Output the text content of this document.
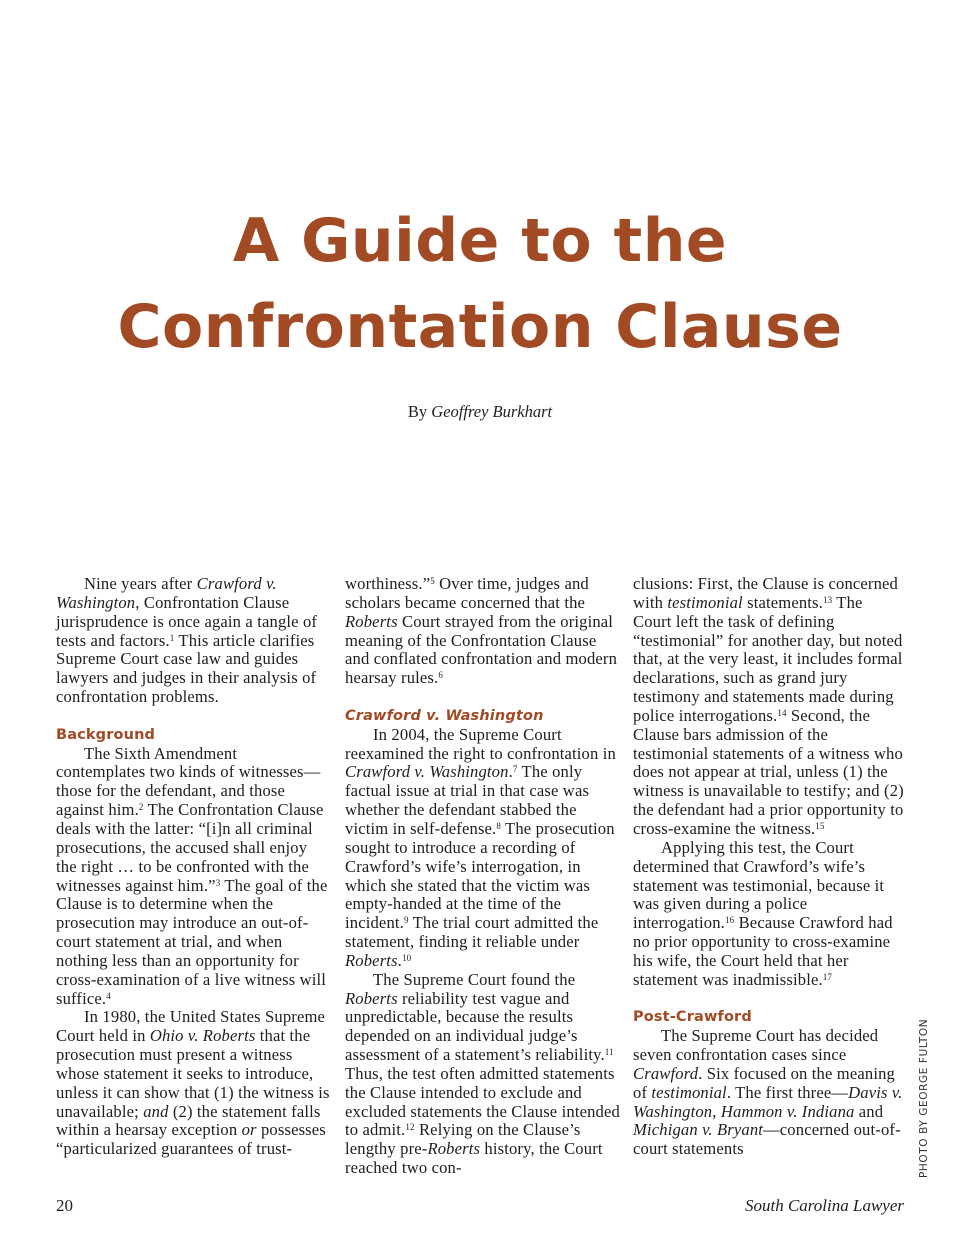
A Guide to the
Confrontation Clause
By Geoffrey Burkhart

Nine years after Crawford v. Washington, Confrontation Clause jurisprudence is once again a tangle of tests and factors.$^1$ This article clarifies Supreme Court case law and guides lawyers and judges in their analysis of confrontation problems.

Background

The Sixth Amendment contemplates two kinds of witnesses—those for the defendant, and those against him.$^2$ The Confrontation Clause deals with the latter: “[i]n all criminal prosecutions, the accused shall enjoy the right … to be confronted with the witnesses against him.”$^3$ The goal of the Clause is to determine when the prosecution may introduce an out-of-court statement at trial, and when nothing less than an opportunity for cross-examination of a live witness will suffice.$^4$

In 1980, the United States Supreme Court held in Ohio v. Roberts that the prosecution must present a witness whose statement it seeks to introduce, unless it can show that (1) the witness is unavailable; and (2) the statement falls within a hearsay exception or possesses “particularized guarantees of trust-

worthiness.”$^5$ Over time, judges and scholars became concerned that the Roberts Court strayed from the original meaning of the Confrontation Clause and conflated confrontation and modern hearsay rules.$^6$

Crawford v. Washington

In 2004, the Supreme Court reexamined the right to confrontation in Crawford v. Washington.$^7$ The only factual issue at trial in that case was whether the defendant stabbed the victim in self-defense.$^8$ The prosecution sought to introduce a recording of Crawford’s wife’s interrogation, in which she stated that the victim was empty-handed at the time of the incident.$^9$ The trial court admitted the statement, finding it reliable under Roberts.$^{10}$

The Supreme Court found the Roberts reliability test vague and unpredictable, because the results depended on an individual judge’s assessment of a statement’s reliability.$^{11}$ Thus, the test often admitted statements the Clause intended to exclude and excluded statements the Clause intended to admit.$^{12}$ Relying on the Clause’s lengthy pre-Roberts history, the Court reached two con-

clusions: First, the Clause is concerned with testimonial statements.$^{13}$ The Court left the task of defining “testimonial” for another day, but noted that, at the very least, it includes formal declarations, such as grand jury testimony and statements made during police interrogations.$^{14}$ Second, the Clause bars admission of the testimonial statements of a witness who does not appear at trial, unless (1) the witness is unavailable to testify; and (2) the defendant had a prior opportunity to cross-examine the witness.$^{15}$

Applying this test, the Court determined that Crawford’s wife’s statement was testimonial, because it was given during a police interrogation.$^{16}$ Because Crawford had no prior opportunity to cross-examine his wife, the Court held that her statement was inadmissible.$^{17}$

Post-Crawford

The Supreme Court has decided seven confrontation cases since Crawford. Six focused on the meaning of testimonial. The first three—Davis v. Washington, Hammon v. Indiana and Michigan v. Bryant—concerned out-of-court statements	PHOTO BY GEORGE FULTON
20	South Carolina Lawyer
